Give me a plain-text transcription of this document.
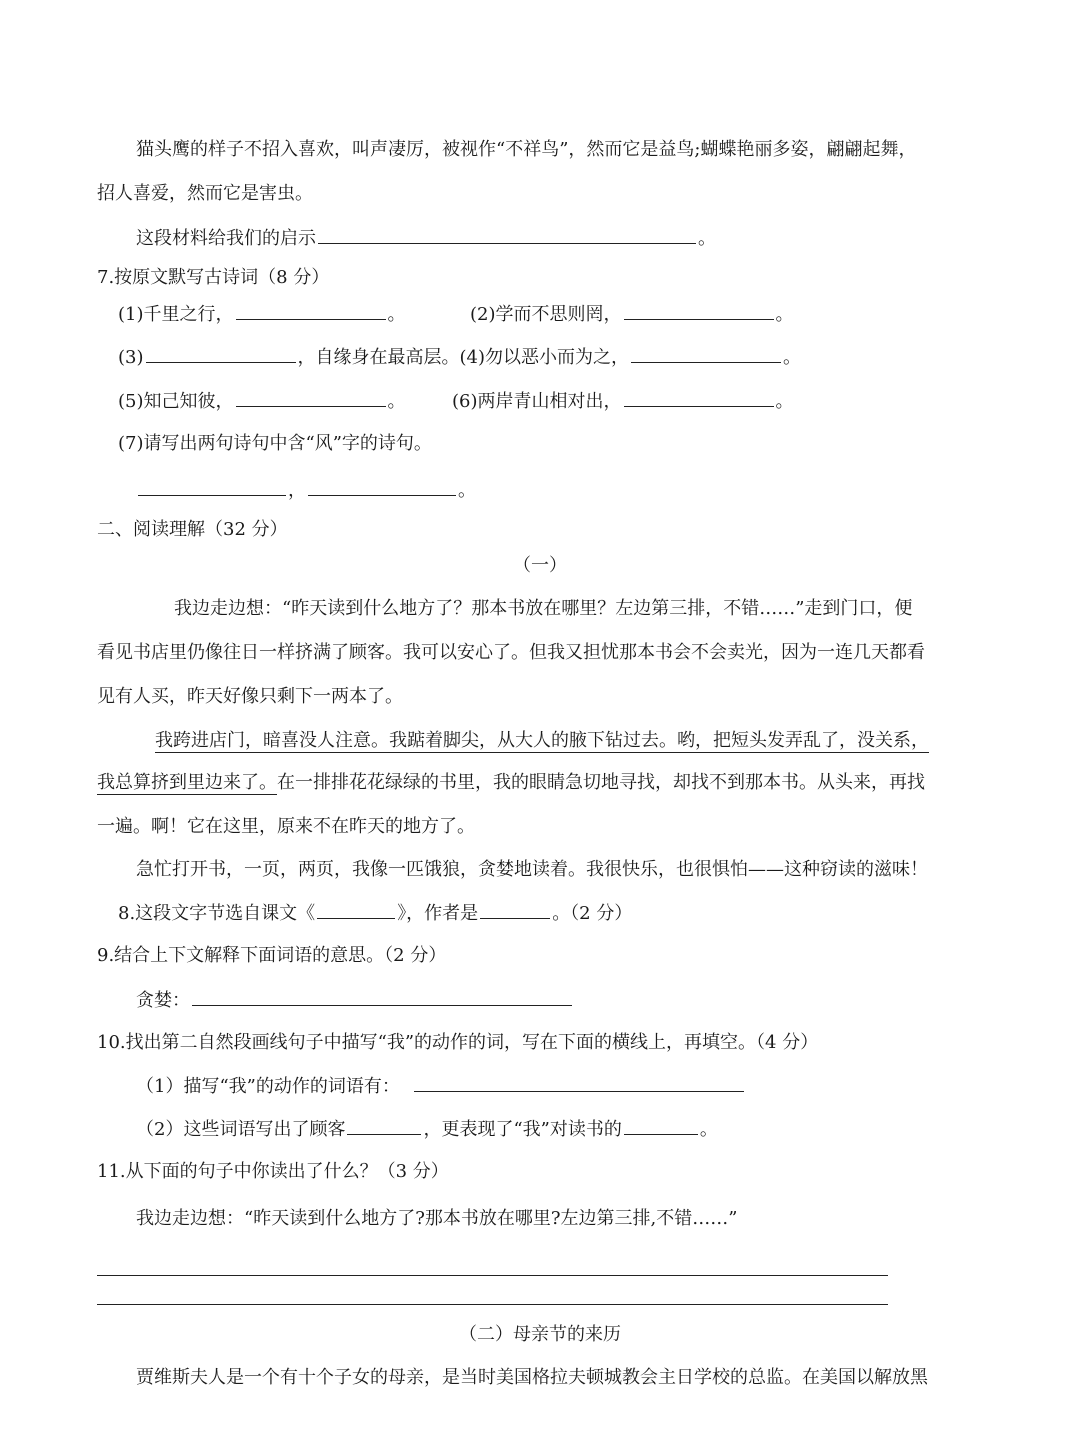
猫头鹰的样子不招入喜欢，叫声凄厉，被视作“不祥鸟”，然而它是益鸟;蝴蝶艳丽多姿，翩翩起舞，
招人喜爱，然而它是害虫。
这段材料给我们的启示	。
7.按原文默写古诗词（8 分）
(1)千里之行，	。	(2)学而不思则罔，	。
(3)	，自缘身在最高层。(4)勿以恶小而为之，	。
(5)知己知彼，	。	(6)两岸青山相对出，	。
(7)请写出两句诗句中含“风”字的诗句。
，	。
二、阅读理解（32 分）
（一）
我边走边想：“昨天读到什么地方了？那本书放在哪里？左边第三排，不错……”走到门口，便
看见书店里仍像往日一样挤满了顾客。我可以安心了。但我又担忧那本书会不会卖光，因为一连几天都看
见有人买，昨天好像只剩下一两本了。
我跨进店门，暗喜没人注意。我踮着脚尖，从大人的腋下钻过去。哟，把短头发弄乱了，没关系，
我总算挤到里边来了。在一排排花花绿绿的书里，我的眼睛急切地寻找，却找不到那本书。从头来，再找
一遍。啊！它在这里，原来不在昨天的地方了。
急忙打开书，一页，两页，我像一匹饿狼，贪婪地读着。我很快乐，也很惧怕——这种窃读的滋味！
8.这段文字节选自课文《	》，作者是	。（2 分）
9.结合上下文解释下面词语的意思。（2 分）
贪婪：
10.找出第二自然段画线句子中描写“我”的动作的词，写在下面的横线上，再填空。（4 分）
（1）描写“我”的动作的词语有：
（2）这些词语写出了顾客	，更表现了“我”对读书的	。
11.从下面的句子中你读出了什么？（3 分）
我边走边想：“昨天读到什么地方了?那本书放在哪里?左边第三排,不错……”
（二）母亲节的来历
贾维斯夫人是一个有十个子女的母亲，是当时美国格拉夫顿城教会主日学校的总监。在美国以解放黑
